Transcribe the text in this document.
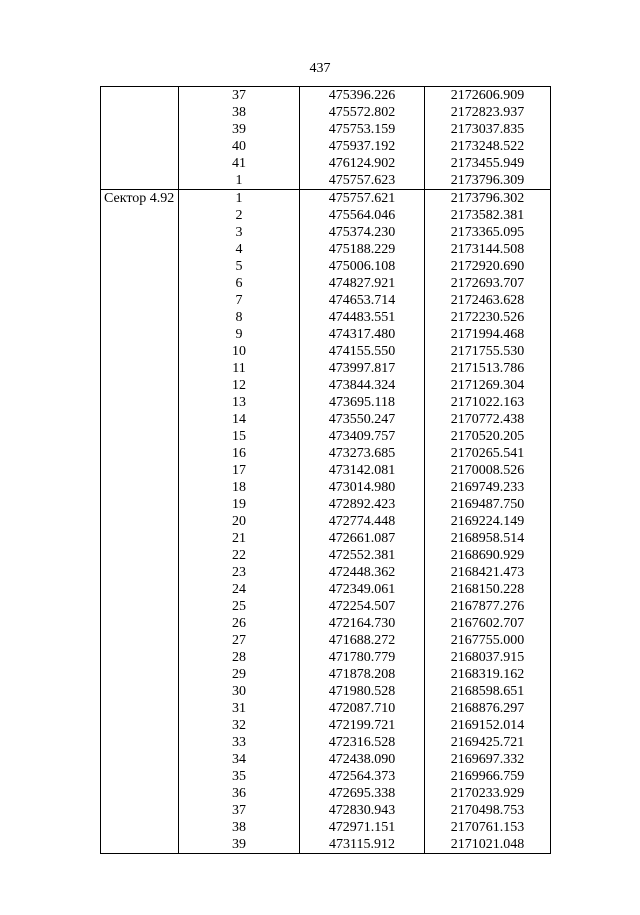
437
	37	475396.226	2172606.909
	38	475572.802	2172823.937
	39	475753.159	2173037.835
	40	475937.192	2173248.522
	41	476124.902	2173455.949
	1	475757.623	2173796.309
Сектор 4.92	1	475757.621	2173796.302
	2	475564.046	2173582.381
	3	475374.230	2173365.095
	4	475188.229	2173144.508
	5	475006.108	2172920.690
	6	474827.921	2172693.707
	7	474653.714	2172463.628
	8	474483.551	2172230.526
	9	474317.480	2171994.468
	10	474155.550	2171755.530
	11	473997.817	2171513.786
	12	473844.324	2171269.304
	13	473695.118	2171022.163
	14	473550.247	2170772.438
	15	473409.757	2170520.205
	16	473273.685	2170265.541
	17	473142.081	2170008.526
	18	473014.980	2169749.233
	19	472892.423	2169487.750
	20	472774.448	2169224.149
	21	472661.087	2168958.514
	22	472552.381	2168690.929
	23	472448.362	2168421.473
	24	472349.061	2168150.228
	25	472254.507	2167877.276
	26	472164.730	2167602.707
	27	471688.272	2167755.000
	28	471780.779	2168037.915
	29	471878.208	2168319.162
	30	471980.528	2168598.651
	31	472087.710	2168876.297
	32	472199.721	2169152.014
	33	472316.528	2169425.721
	34	472438.090	2169697.332
	35	472564.373	2169966.759
	36	472695.338	2170233.929
	37	472830.943	2170498.753
	38	472971.151	2170761.153
	39	473115.912	2171021.048
